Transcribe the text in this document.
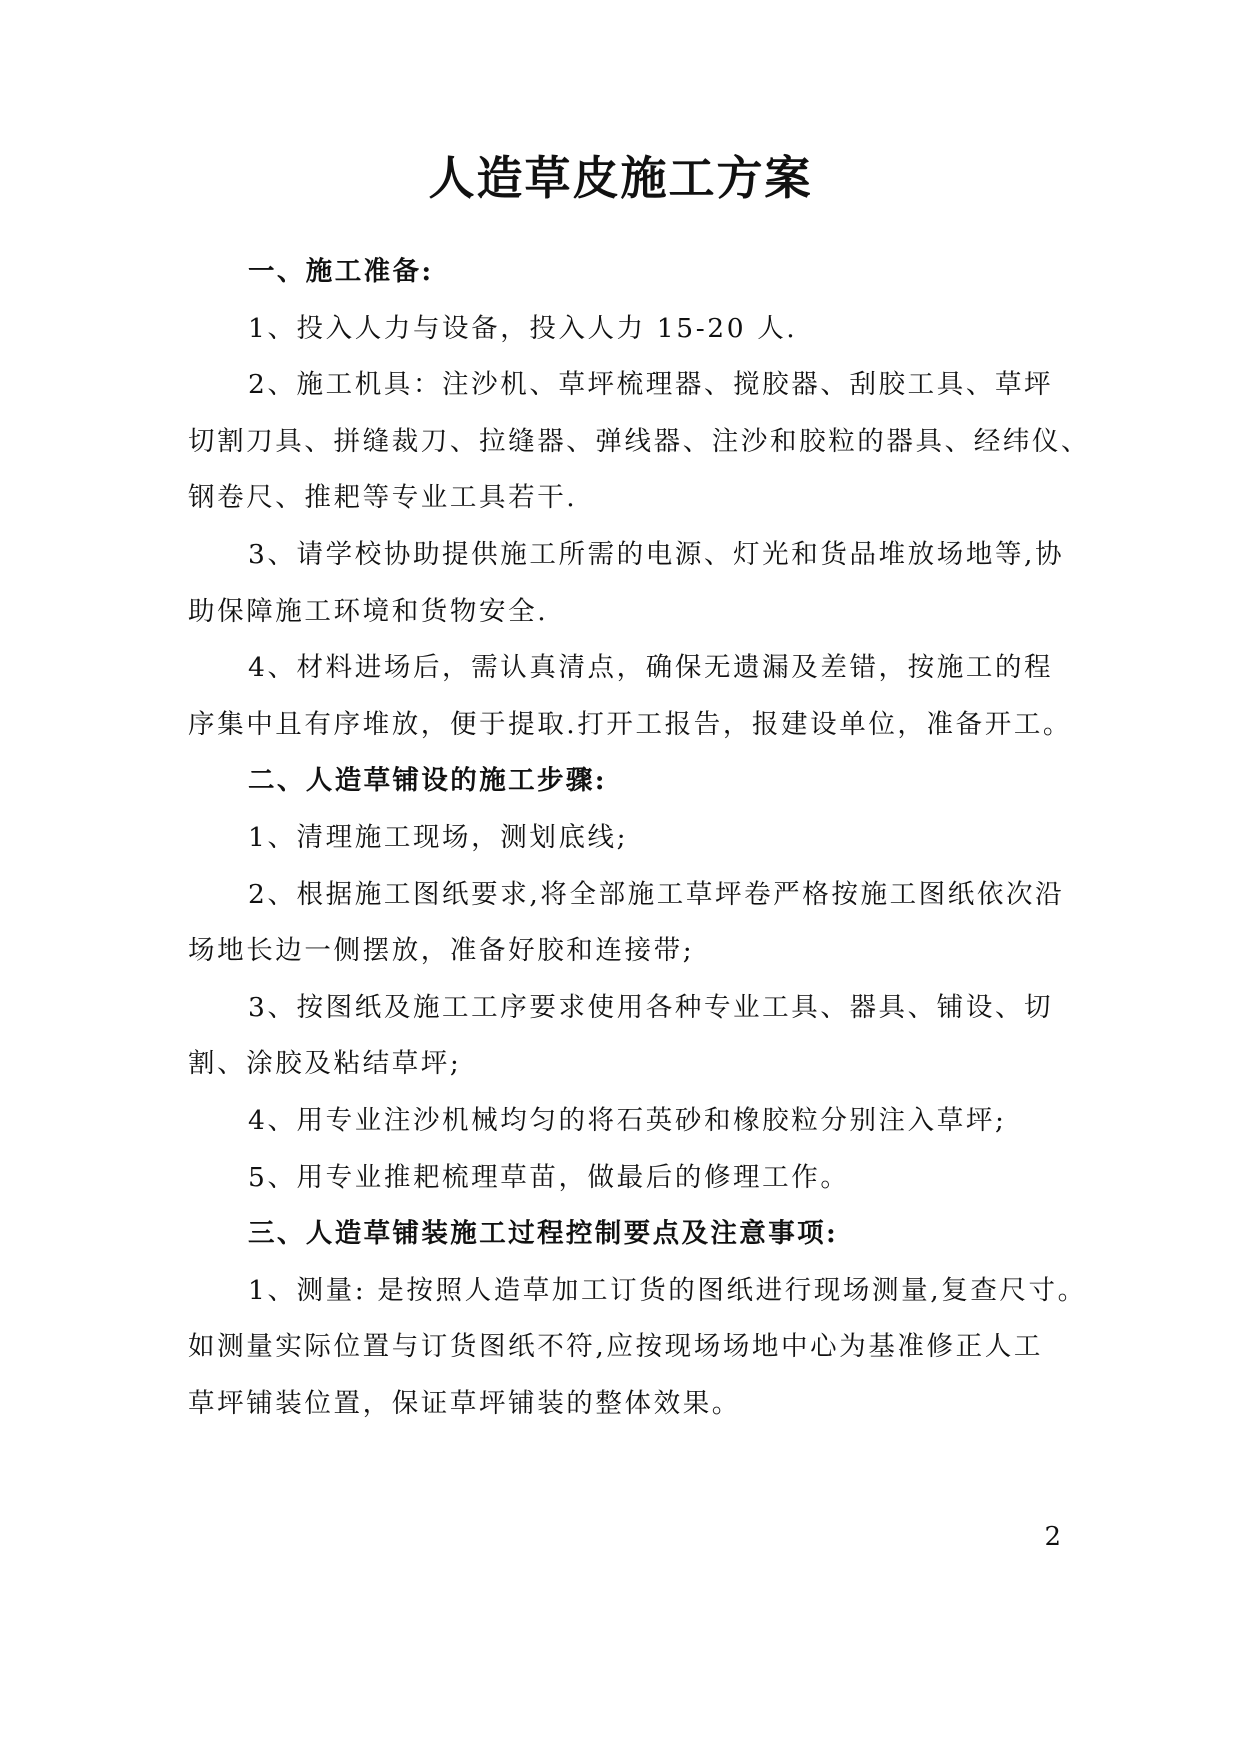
人造草皮施工方案

一、施工准备:

1、投入人力与设备，投入人力 15-20 人.

2、施工机具：注沙机、草坪梳理器、搅胶器、刮胶工具、草坪

切割刀具、拼缝裁刀、拉缝器、弹线器、注沙和胶粒的器具、经纬仪、

钢卷尺、推耙等专业工具若干.

3、请学校协助提供施工所需的电源、灯光和货品堆放场地等,协

助保障施工环境和货物安全.

4、材料进场后，需认真清点，确保无遗漏及差错，按施工的程

序集中且有序堆放，便于提取.打开工报告，报建设单位，准备开工。

二、人造草铺设的施工步骤:

1、清理施工现场，测划底线;

2、根据施工图纸要求,将全部施工草坪卷严格按施工图纸依次沿

场地长边一侧摆放，准备好胶和连接带;

3、按图纸及施工工序要求使用各种专业工具、器具、铺设、切

割、涂胶及粘结草坪;

4、用专业注沙机械均匀的将石英砂和橡胶粒分别注入草坪;

5、用专业推耙梳理草苗，做最后的修理工作。

三、人造草铺装施工过程控制要点及注意事项:

1、测量: 是按照人造草加工订货的图纸进行现场测量,复查尺寸。

如测量实际位置与订货图纸不符,应按现场场地中心为基准修正人工

草坪铺装位置，保证草坪铺装的整体效果。

2
